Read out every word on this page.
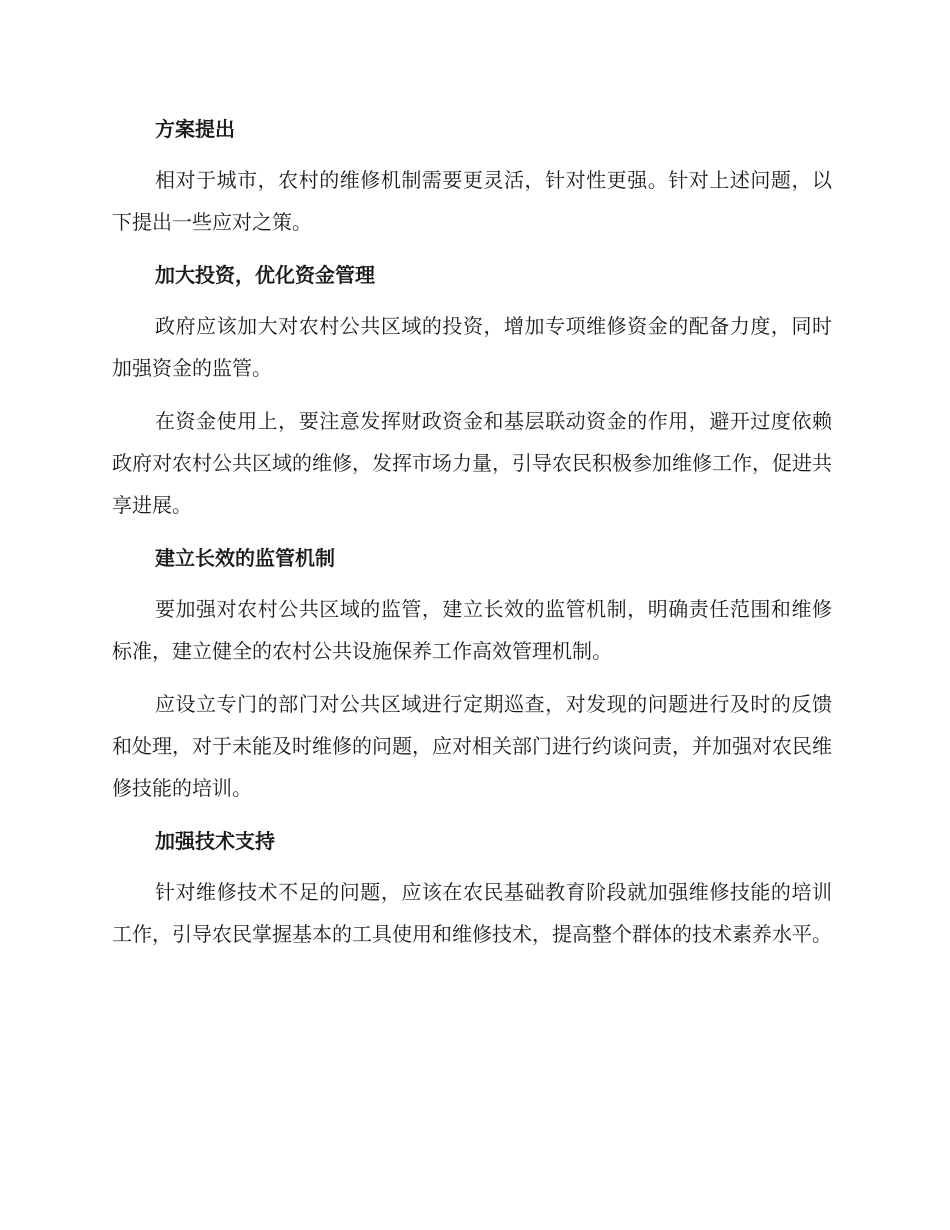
方案提出

相对于城市，农村的维修机制需要更灵活，针对性更强。针对上述问题，以下提出一些应对之策。

加大投资，优化资金管理

政府应该加大对农村公共区域的投资，增加专项维修资金的配备力度，同时加强资金的监管。

在资金使用上，要注意发挥财政资金和基层联动资金的作用，避开过度依赖政府对农村公共区域的维修，发挥市场力量，引导农民积极参加维修工作，促进共享进展。

建立长效的监管机制

要加强对农村公共区域的监管，建立长效的监管机制，明确责任范围和维修标准，建立健全的农村公共设施保养工作高效管理机制。

应设立专门的部门对公共区域进行定期巡查，对发现的问题进行及时的反馈和处理，对于未能及时维修的问题，应对相关部门进行约谈问责，并加强对农民维修技能的培训。

加强技术支持

针对维修技术不足的问题，应该在农民基础教育阶段就加强维修技能的培训工作，引导农民掌握基本的工具使用和维修技术，提高整个群体的技术素养水平。
